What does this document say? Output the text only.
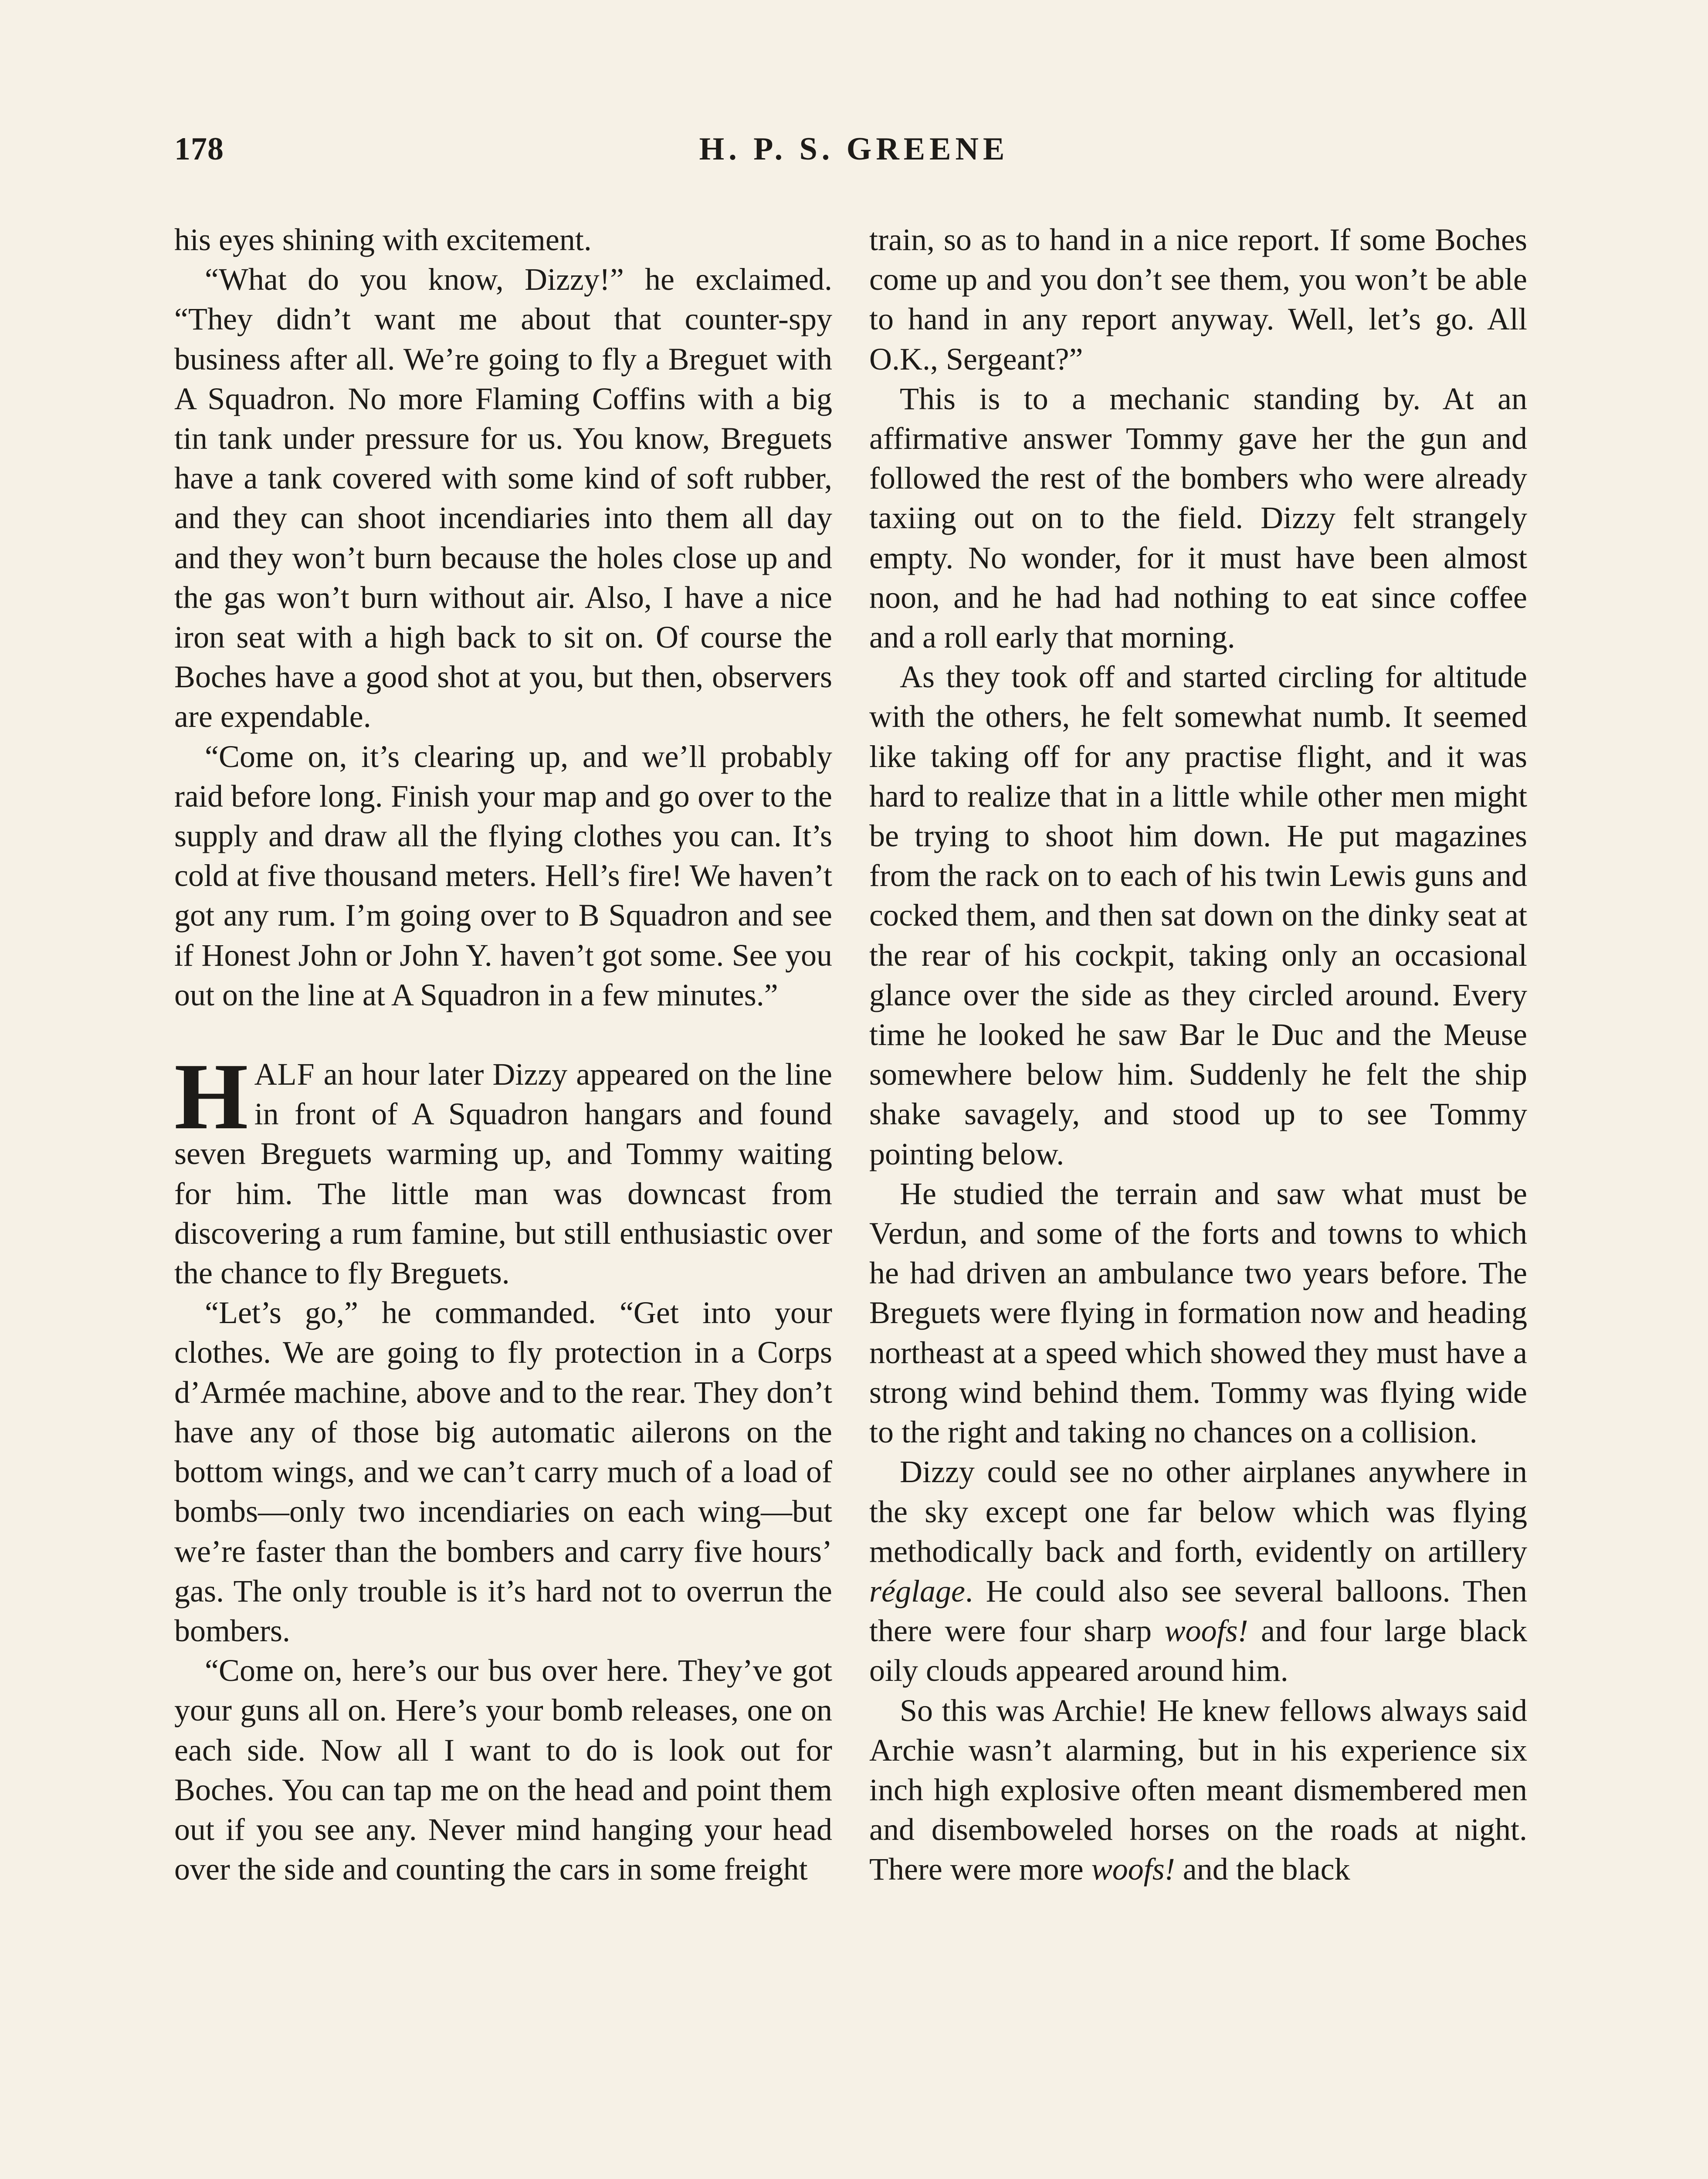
178	H. P. S. GREENE

his eyes shining with excitement.

“What do you know, Dizzy!” he exclaimed. “They didn’t want me about that counter-spy business after all. We’re going to fly a Breguet with A Squadron. No more Flaming Coffins with a big tin tank under pressure for us. You know, Breguets have a tank covered with some kind of soft rubber, and they can shoot incendiaries into them all day and they won’t burn because the holes close up and the gas won’t burn without air. Also, I have a nice iron seat with a high back to sit on. Of course the Boches have a good shot at you, but then, observers are expendable.

“Come on, it’s clearing up, and we’ll probably raid before long. Finish your map and go over to the supply and draw all the flying clothes you can. It’s cold at five thousand meters. Hell’s fire! We haven’t got any rum. I’m going over to B Squadron and see if Honest John or John Y. haven’t got some. See you out on the line at A Squadron in a few minutes.”

HALF an hour later Dizzy appeared on the line in front of A Squadron hangars and found seven Breguets warming up, and Tommy waiting for him. The little man was downcast from discovering a rum famine, but still enthusiastic over the chance to fly Breguets.

“Let’s go,” he commanded. “Get into your clothes. We are going to fly protection in a Corps d’Armée machine, above and to the rear. They don’t have any of those big automatic ailerons on the bottom wings, and we can’t carry much of a load of bombs—only two incendiaries on each wing—but we’re faster than the bombers and carry five hours’ gas. The only trouble is it’s hard not to overrun the bombers.

“Come on, here’s our bus over here. They’ve got your guns all on. Here’s your bomb releases, one on each side. Now all I want to do is look out for Boches. You can tap me on the head and point them out if you see any. Never mind hanging your head over the side and counting the cars in some freight

train, so as to hand in a nice report. If some Boches come up and you don’t see them, you won’t be able to hand in any report anyway. Well, let’s go. All O.K., Sergeant?”

This is to a mechanic standing by. At an affirmative answer Tommy gave her the gun and followed the rest of the bombers who were already taxiing out on to the field. Dizzy felt strangely empty. No wonder, for it must have been almost noon, and he had had nothing to eat since coffee and a roll early that morning.

As they took off and started circling for altitude with the others, he felt somewhat numb. It seemed like taking off for any practise flight, and it was hard to realize that in a little while other men might be trying to shoot him down. He put magazines from the rack on to each of his twin Lewis guns and cocked them, and then sat down on the dinky seat at the rear of his cockpit, taking only an occasional glance over the side as they circled around. Every time he looked he saw Bar le Duc and the Meuse somewhere below him. Suddenly he felt the ship shake savagely, and stood up to see Tommy pointing below.

He studied the terrain and saw what must be Verdun, and some of the forts and towns to which he had driven an ambulance two years before. The Breguets were flying in formation now and heading northeast at a speed which showed they must have a strong wind behind them. Tommy was flying wide to the right and taking no chances on a collision.

Dizzy could see no other airplanes anywhere in the sky except one far below which was flying methodically back and forth, evidently on artillery réglage. He could also see several balloons. Then there were four sharp woofs! and four large black oily clouds appeared around him.

So this was Archie! He knew fellows always said Archie wasn’t alarming, but in his experience six inch high explosive often meant dismembered men and disemboweled horses on the roads at night. There were more woofs! and the black
